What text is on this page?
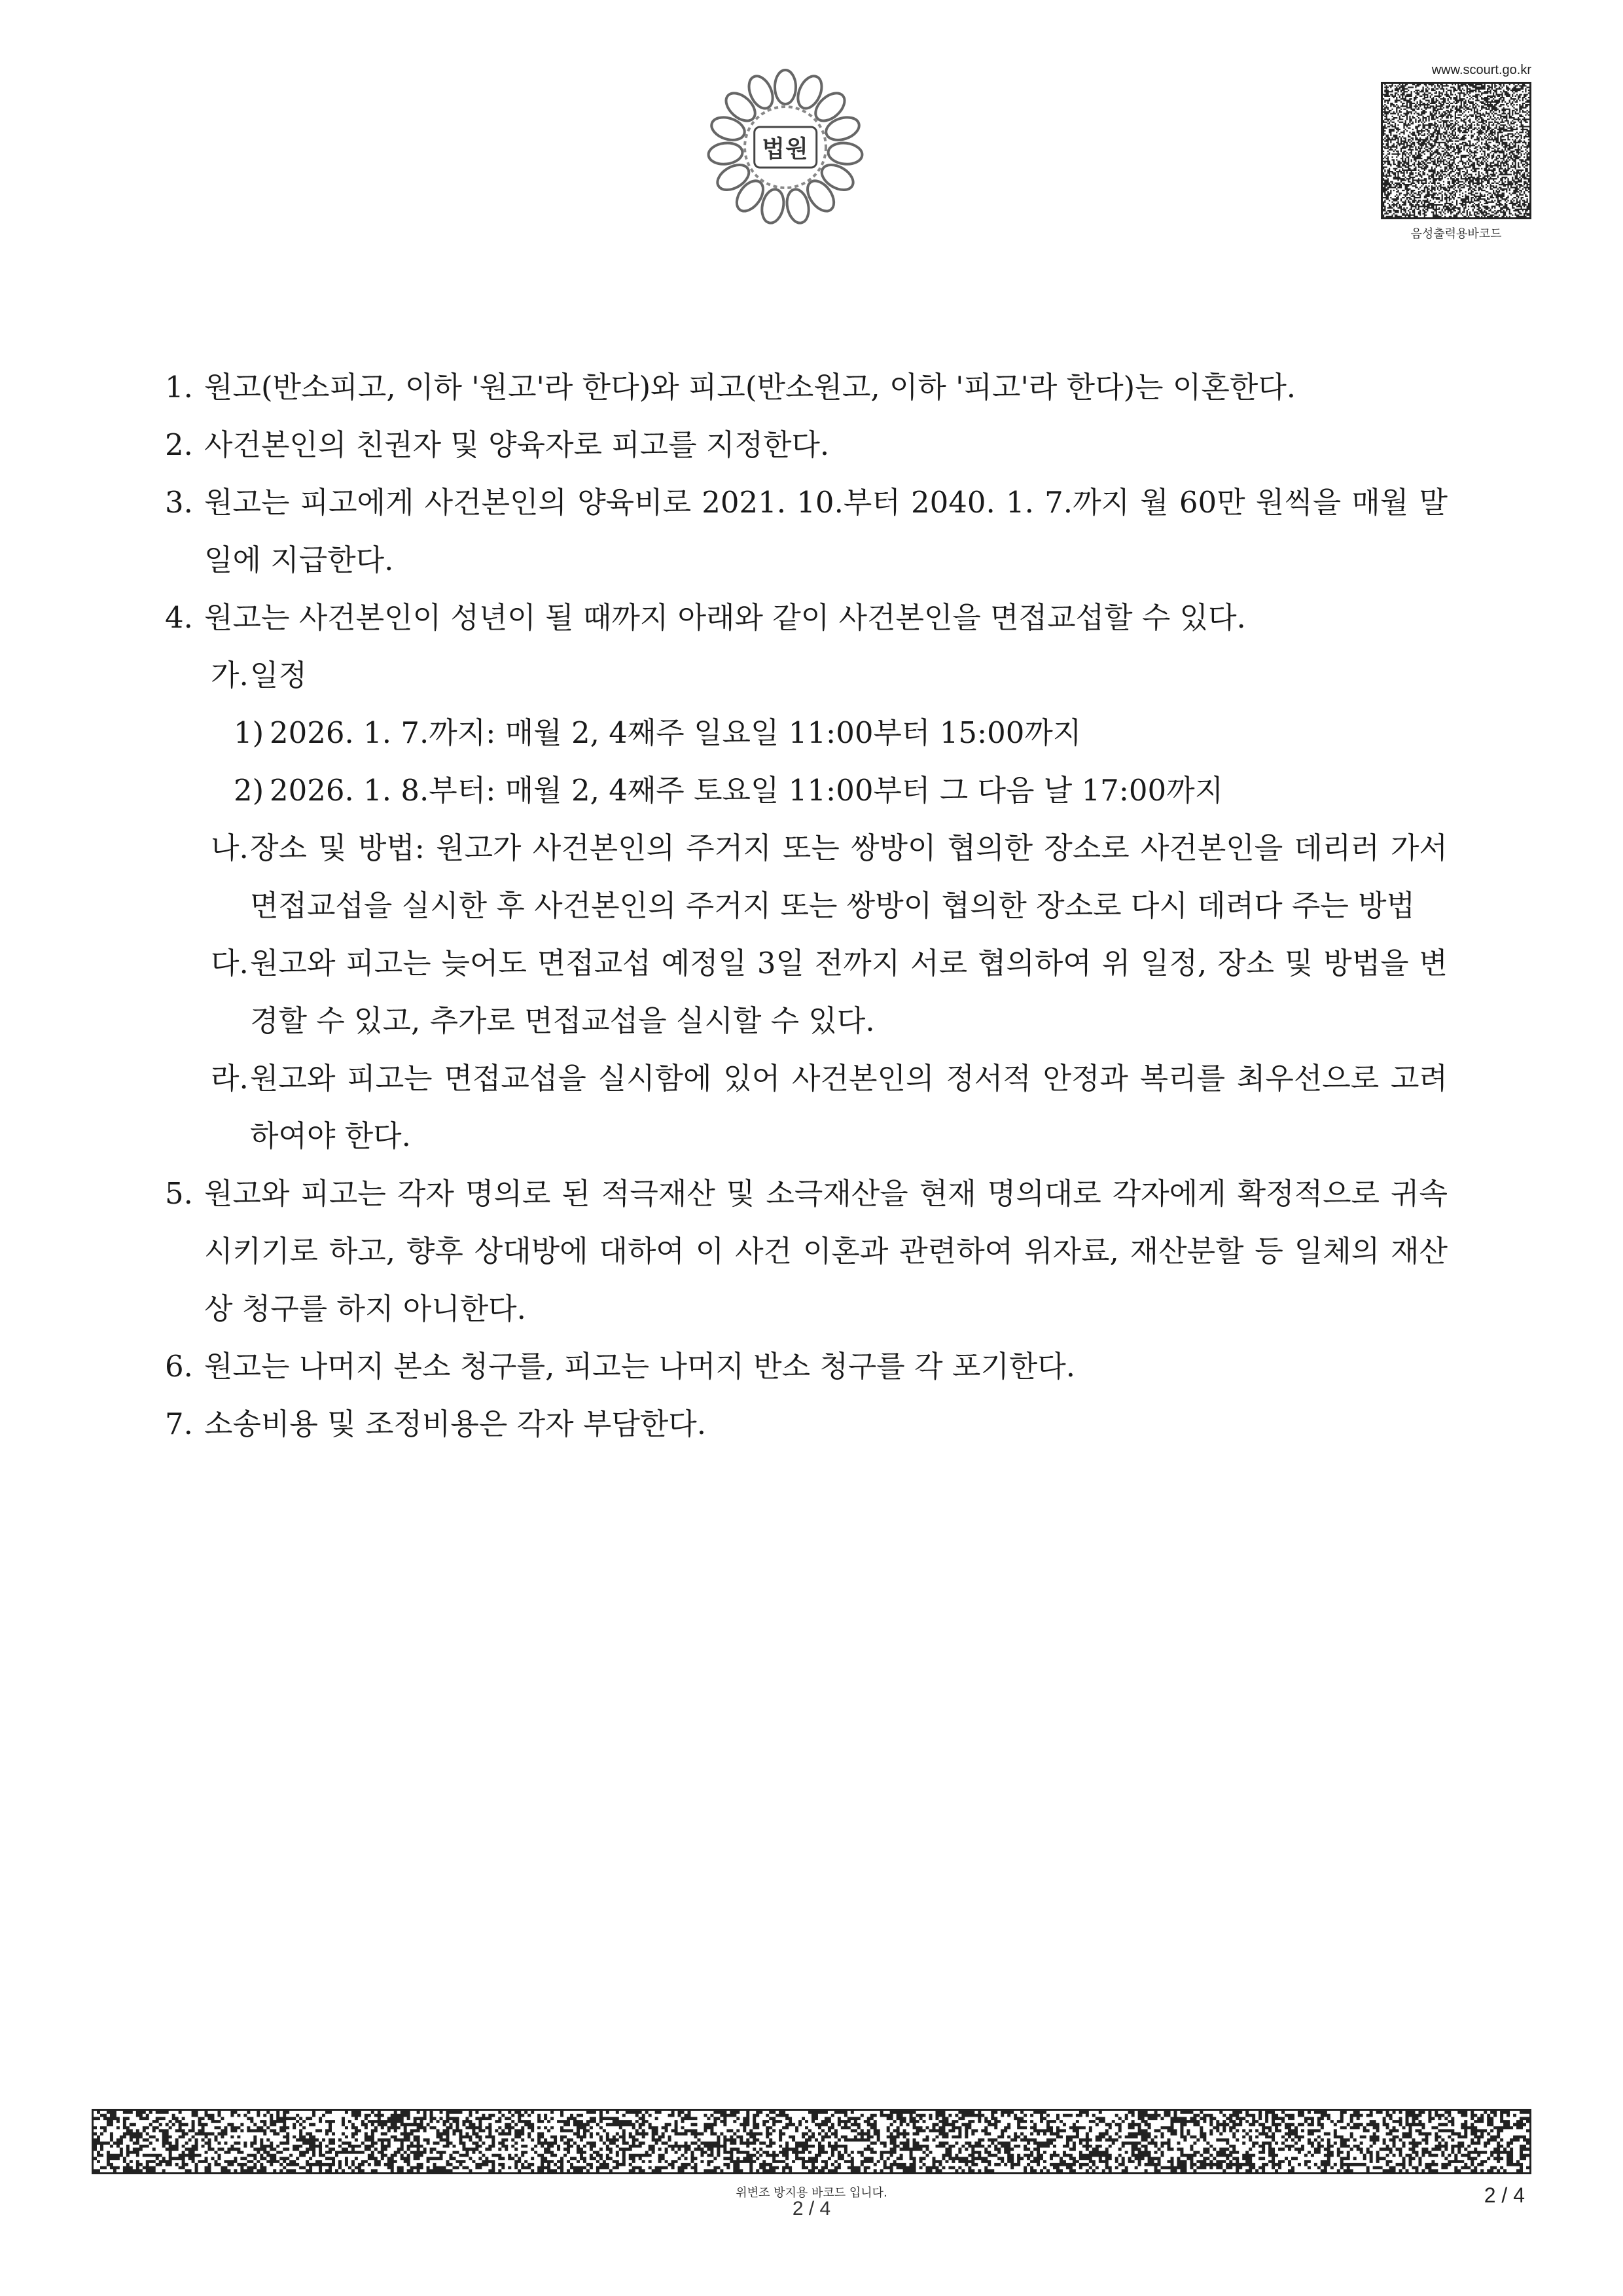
법원
www.scourt.go.kr
음성출력용바코드
1. 원고(반소피고, 이하 '원고'라 한다)와 피고(반소원고, 이하 '피고'라 한다)는 이혼한다.
2. 사건본인의 친권자 및 양육자로 피고를 지정한다.
3. 원고는 피고에게 사건본인의 양육비로 2021. 10.부터 2040. 1. 7.까지 월 60만 원씩을 매월 말일에 지급한다.
4. 원고는 사건본인이 성년이 될 때까지 아래와 같이 사건본인을 면접교섭할 수 있다.
가. 일정
1) 2026. 1. 7.까지: 매월 2, 4째주 일요일 11:00부터 15:00까지
2) 2026. 1. 8.부터: 매월 2, 4째주 토요일 11:00부터 그 다음 날 17:00까지
나. 장소 및 방법: 원고가 사건본인의 주거지 또는 쌍방이 협의한 장소로 사건본인을 데리러 가서 면접교섭을 실시한 후 사건본인의 주거지 또는 쌍방이 협의한 장소로 다시 데려다 주는 방법
다. 원고와 피고는 늦어도 면접교섭 예정일 3일 전까지 서로 협의하여 위 일정, 장소 및 방법을 변경할 수 있고, 추가로 면접교섭을 실시할 수 있다.
라. 원고와 피고는 면접교섭을 실시함에 있어 사건본인의 정서적 안정과 복리를 최우선으로 고려하여야 한다.
5. 원고와 피고는 각자 명의로 된 적극재산 및 소극재산을 현재 명의대로 각자에게 확정적으로 귀속시키기로 하고, 향후 상대방에 대하여 이 사건 이혼과 관련하여 위자료, 재산분할 등 일체의 재산상 청구를 하지 아니한다.
6. 원고는 나머지 본소 청구를, 피고는 나머지 반소 청구를 각 포기한다.
7. 소송비용 및 조정비용은 각자 부담한다.
위변조 방지용 바코드 입니다.
2 / 4
2 / 4
